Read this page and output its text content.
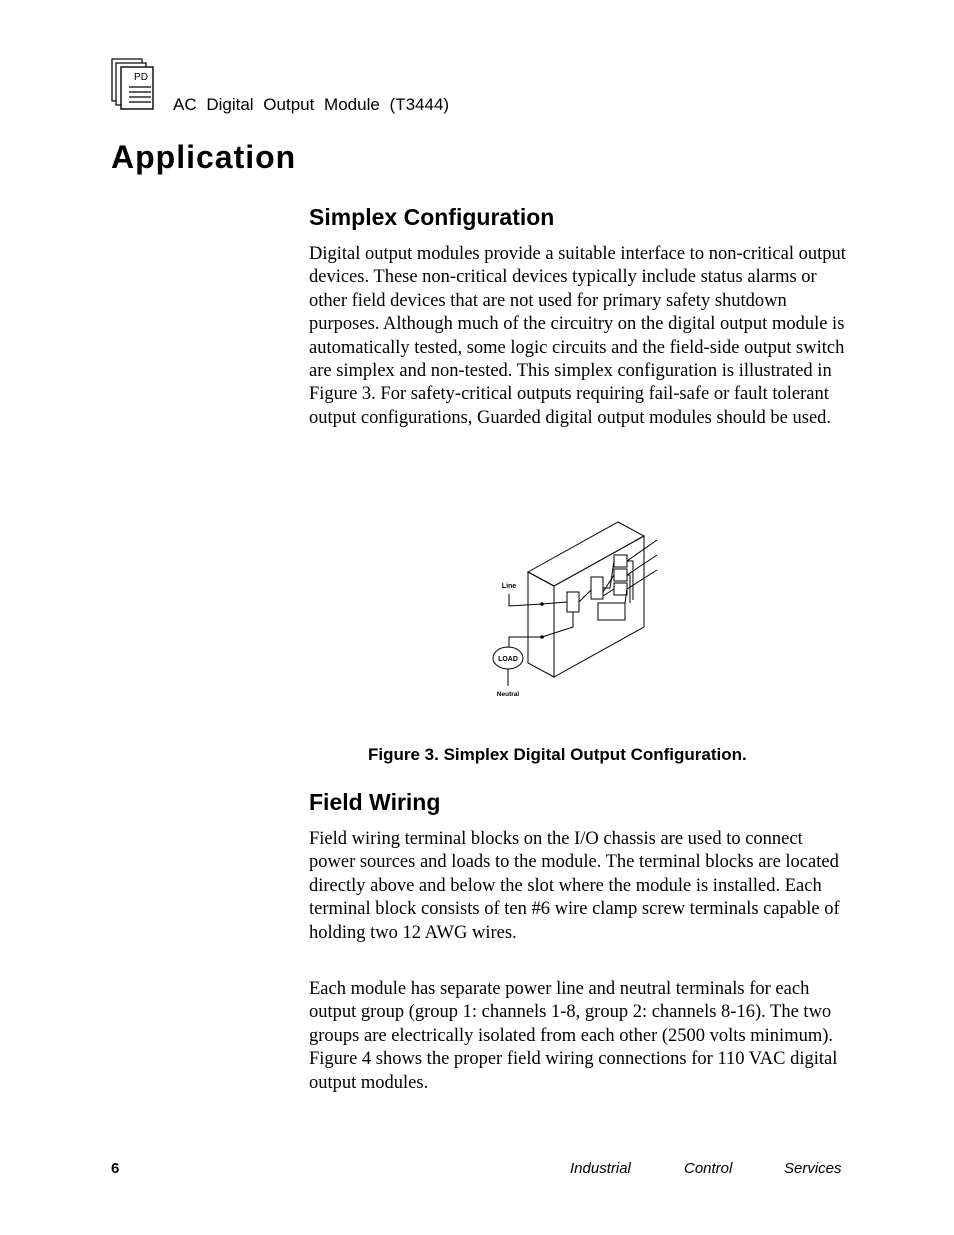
PD
AC Digital Output Module (T3444)
Application
Simplex Configuration

Digital output modules provide a suitable interface to non-critical output devices. These non-critical devices typically include status alarms or other field devices that are not used for primary safety shutdown purposes. Although much of the circuitry on the digital output module is automatically tested, some logic circuits and the field-side output switch are simplex and non-tested. This simplex configuration is illustrated in Figure 3. For safety-critical outputs requiring fail-safe or fault tolerant output configurations, Guarded digital output modules should be used.

Line
LOAD
Neutral
Figure 3. Simplex Digital Output Configuration.
Field Wiring

Field wiring terminal blocks on the I/O chassis are used to connect power sources and loads to the module. The terminal blocks are located directly above and below the slot where the module is installed. Each terminal block consists of ten #6 wire clamp screw terminals capable of holding two 12 AWG wires.

Each module has separate power line and neutral terminals for each output group (group 1: channels 1-8, group 2: channels 8-16). The two groups are electrically isolated from each other (2500 volts minimum). Figure 4 shows the proper field wiring connections for 110 VAC digital output modules.

6	Industrial	Control	Services
